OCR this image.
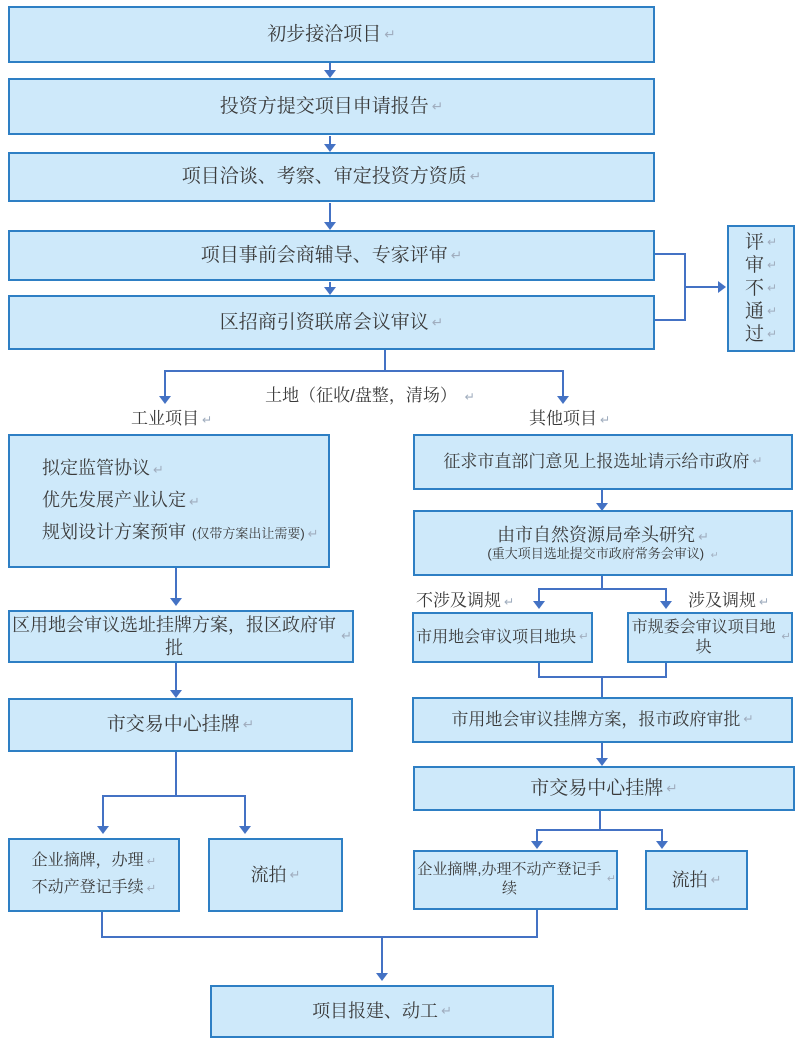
初步接洽项目 ↵
投资方提交项目申请报告 ↵
项目洽谈、考察、审定投资方资质 ↵
项目事前会商辅导、专家评审 ↵
区招商引资联席会议审议 ↵
评 ↵
审 ↵
不 ↵
通 ↵
过 ↵
土地（征收/盘整，清场） ↵
工业项目 ↵	其他项目 ↵
拟定监管协议 ↵
优先发展产业认定 ↵
规划设计方案预审 (仅带方案出让需要) ↵
区用地会审议选址挂牌方案，报区政府审批
↵
市交易中心挂牌 ↵
企业摘牌，办理 ↵
不动产登记手续 ↵
流拍 ↵
征求市直部门意见上报选址请示给市政府 ↵
由市自然资源局牵头研究 ↵
(重大项目选址提交市政府常务会审议) ↵
不涉及调规 ↵	涉及调规 ↵
市用地会审议项目地块 ↵
市规委会审议项目地块
↵
市用地会审议挂牌方案，报市政府审批 ↵
市交易中心挂牌 ↵
企业摘牌,办理不动产登记手续
↵	流拍 ↵
项目报建、动工 ↵
